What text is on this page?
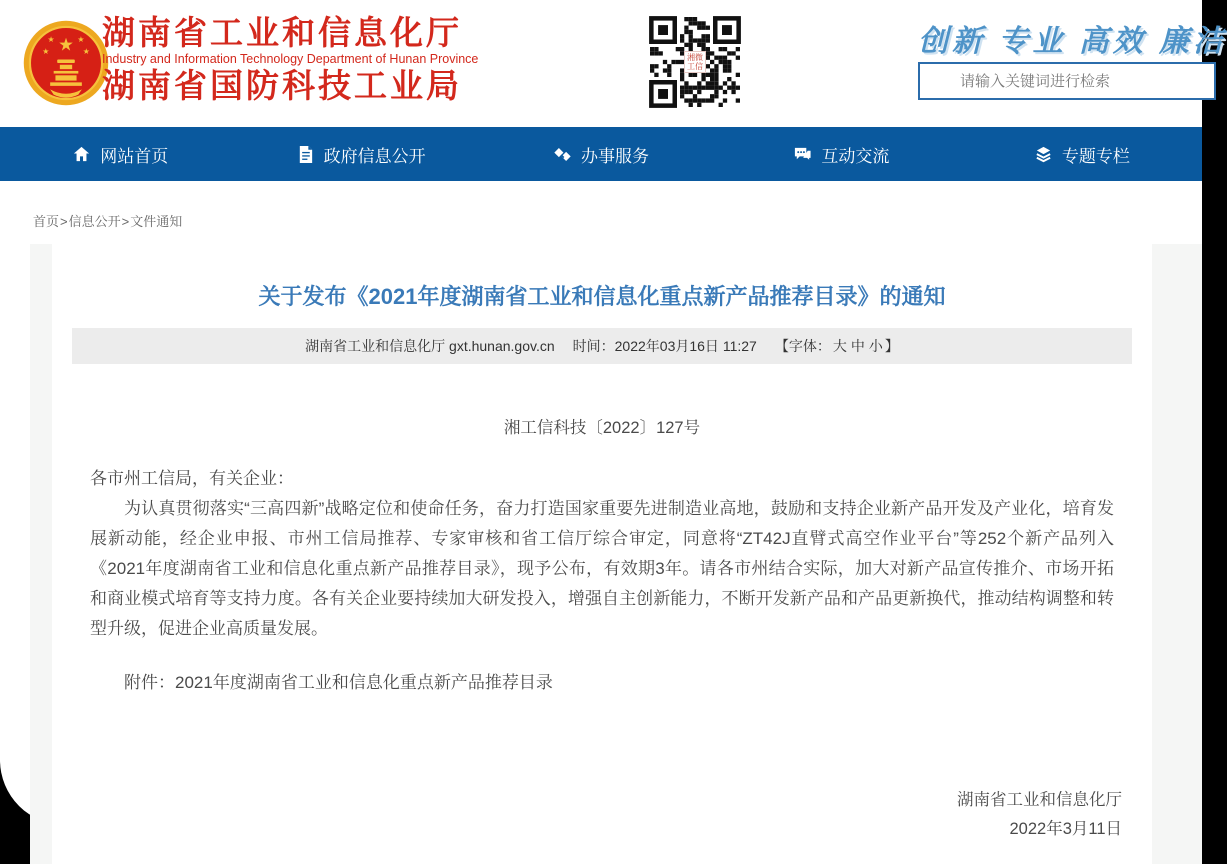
★
★	★
★	★
湖南省工业和信息化厅
Industry and Information Technology Department of Hunan Province
湖南省国防科技工业局
湘微
工信
创新 专业 高效 廉洁
请输入关键词进行检索
网站首页	政府信息公开	办事服务	互动交流	专题专栏
首页>信息公开>文件通知
关于发布《2021年度湖南省工业和信息化重点新产品推荐目录》的通知
湖南省工业和信息化厅 gxt.hunan.gov.cn 时间：2022年03月16日 11:27 【字体： 大 中 小 】
湘工信科技〔2022〕127号

各市州工信局，有关企业：

为认真贯彻落实“三高四新”战略定位和使命任务，奋力打造国家重要先进制造业高地，鼓励和支持企业新产品开发及产业化，培育发展新动能，经企业申报、市州工信局推荐、专家审核和省工信厅综合审定，同意将“ZT42J直臂式高空作业平台”等252个新产品列入《2021年度湖南省工业和信息化重点新产品推荐目录》，现予公布，有效期3年。请各市州结合实际，加大对新产品宣传推介、市场开拓和商业模式培育等支持力度。各有关企业要持续加大研发投入，增强自主创新能力，不断开发新产品和产品更新换代，推动结构调整和转型升级，促进企业高质量发展。

附件：2021年度湖南省工业和信息化重点新产品推荐目录

湖南省工业和信息化厅
2022年3月11日
